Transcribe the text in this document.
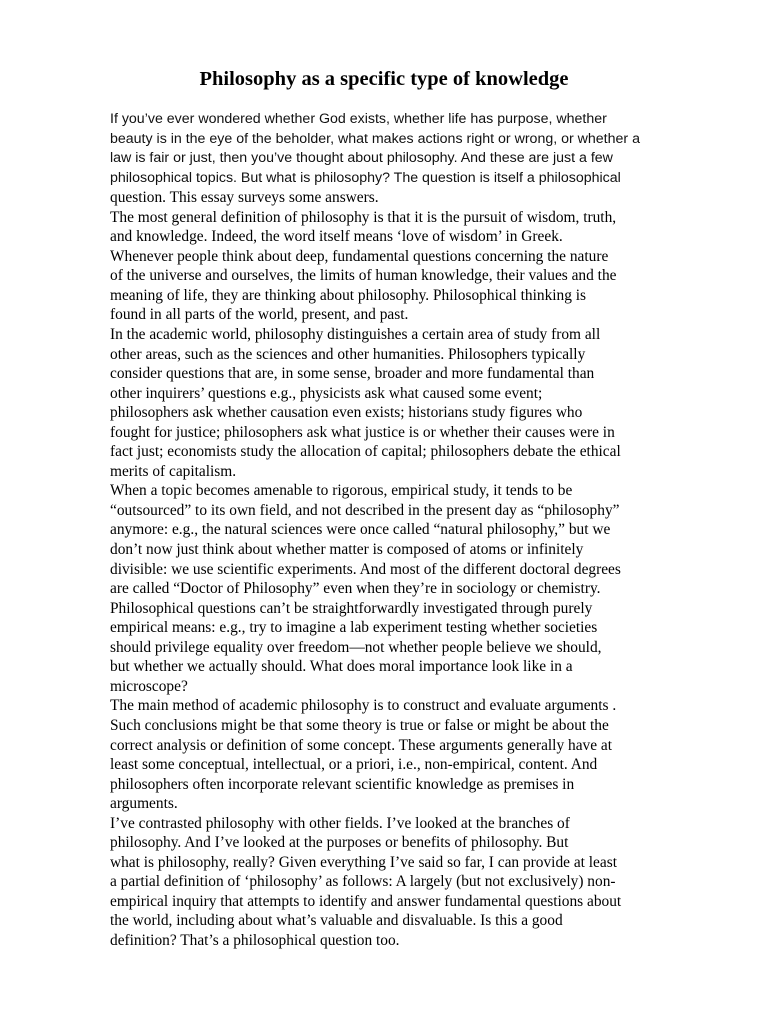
Philosophy as a specific type of knowledge

If you’ve ever wondered whether God exists, whether life has purpose, whether
beauty is in the eye of the beholder, what makes actions right or wrong, or whether a
law is fair or just, then you’ve thought about philosophy. And these are just a few
philosophical topics. But what is philosophy? The question is itself a philosophical

question. This essay surveys some answers.

The most general definition of philosophy is that it is the pursuit of wisdom, truth,
and knowledge. Indeed, the word itself means ‘love of wisdom’ in Greek.
Whenever people think about deep, fundamental questions concerning the nature
of the universe and ourselves, the limits of human knowledge, their values and the
meaning of life, they are thinking about philosophy. Philosophical thinking is
found in all parts of the world, present, and past.

In the academic world, philosophy distinguishes a certain area of study from all
other areas, such as the sciences and other humanities. Philosophers typically
consider questions that are, in some sense, broader and more fundamental than
other inquirers’ questions e.g., physicists ask what caused some event;
philosophers ask whether causation even exists; historians study figures who
fought for justice; philosophers ask what justice is or whether their causes were in
fact just; economists study the allocation of capital; philosophers debate the ethical
merits of capitalism.

When a topic becomes amenable to rigorous, empirical study, it tends to be
“outsourced” to its own field, and not described in the present day as “philosophy”
anymore: e.g., the natural sciences were once called “natural philosophy,” but we
don’t now just think about whether matter is composed of atoms or infinitely
divisible: we use scientific experiments. And most of the different doctoral degrees
are called “Doctor of Philosophy” even when they’re in sociology or chemistry.
Philosophical questions can’t be straightforwardly investigated through purely
empirical means: e.g., try to imagine a lab experiment testing whether societies
should privilege equality over freedom—not whether people believe we should,
but whether we actually should. What does moral importance look like in a
microscope?

The main method of academic philosophy is to construct and evaluate arguments .
Such conclusions might be that some theory is true or false or might be about the
correct analysis or definition of some concept. These arguments generally have at
least some conceptual, intellectual, or a priori, i.e., non-empirical, content. And
philosophers often incorporate relevant scientific knowledge as premises in
arguments.

I’ve contrasted philosophy with other fields. I’ve looked at the branches of
philosophy. And I’ve looked at the purposes or benefits of philosophy. But
what is philosophy, really? Given everything I’ve said so far, I can provide at least
a partial definition of ‘philosophy’ as follows: A largely (but not exclusively) non-
empirical inquiry that attempts to identify and answer fundamental questions about
the world, including about what’s valuable and disvaluable. Is this a good
definition? That’s a philosophical question too.
